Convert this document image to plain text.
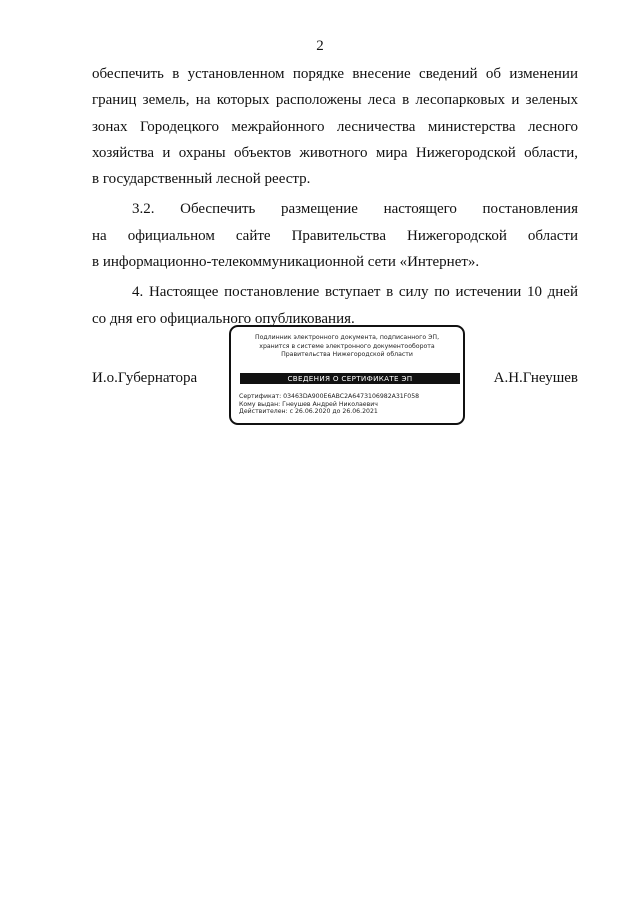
2
обеспечить в установленном порядке внесение сведений об изменении
границ земель, на которых расположены леса в лесопарковых и зеленых
зонах Городецкого межрайонного лесничества министерства лесного
хозяйства и охраны объектов животного мира Нижегородской области,
в государственный лесной реестр.
3.2. Обеспечить размещение настоящего постановления
на официальном сайте Правительства Нижегородской области
в информационно-телекоммуникационной сети «Интернет».
4. Настоящее постановление вступает в силу по истечении 10 дней
со дня его официального опубликования.
И.о.Губернатора	А.Н.Гнеушев
Подлинник электронного документа, подписанного ЭП,
хранится в системе электронного документооборота
Правительства Нижегородской области
СВЕДЕНИЯ О СЕРТИФИКАТЕ ЭП
Сертификат: 03463DA900E6ABC2A6473106982A31F058
Кому выдан: Гнеушев Андрей Николаевич
Действителен: с 26.06.2020 до 26.06.2021
